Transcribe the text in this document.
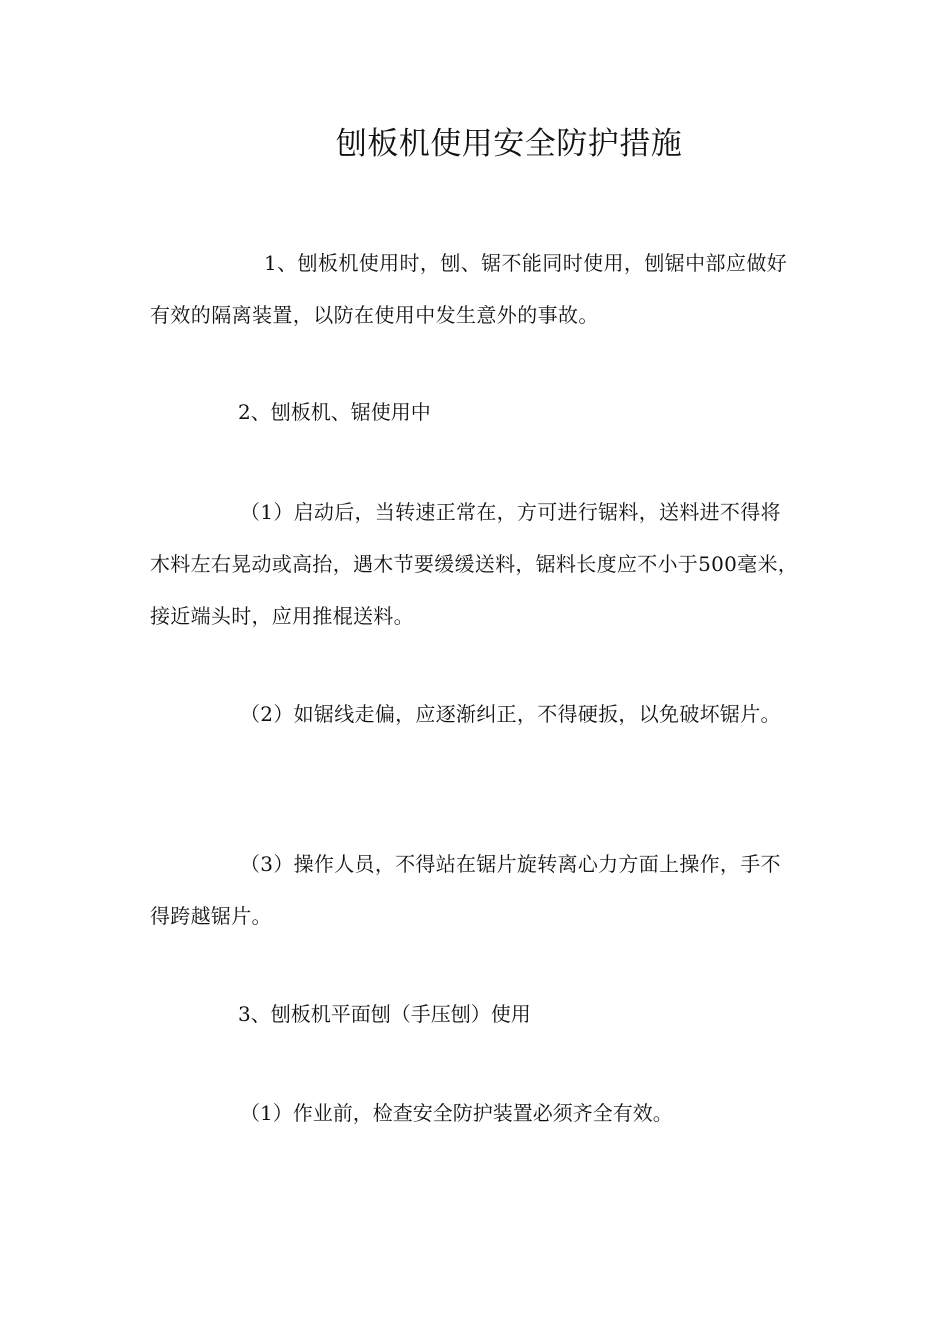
刨板机使用安全防护措施

1、刨板机使用时，刨、锯不能同时使用，刨锯中部应做好有效的隔离装置，以防在使用中发生意外的事故。

2、刨板机、锯使用中

（1）启动后，当转速正常在，方可进行锯料，送料进不得将木料左右晃动或高抬，遇木节要缓缓送料，锯料长度应不小于500毫米，接近端头时，应用推棍送料。

（2）如锯线走偏，应逐渐纠正，不得硬扳，以免破坏锯片。

（3）操作人员，不得站在锯片旋转离心力方面上操作，手不得跨越锯片。

3、刨板机平面刨（手压刨）使用

（1）作业前，检查安全防护装置必须齐全有效。
